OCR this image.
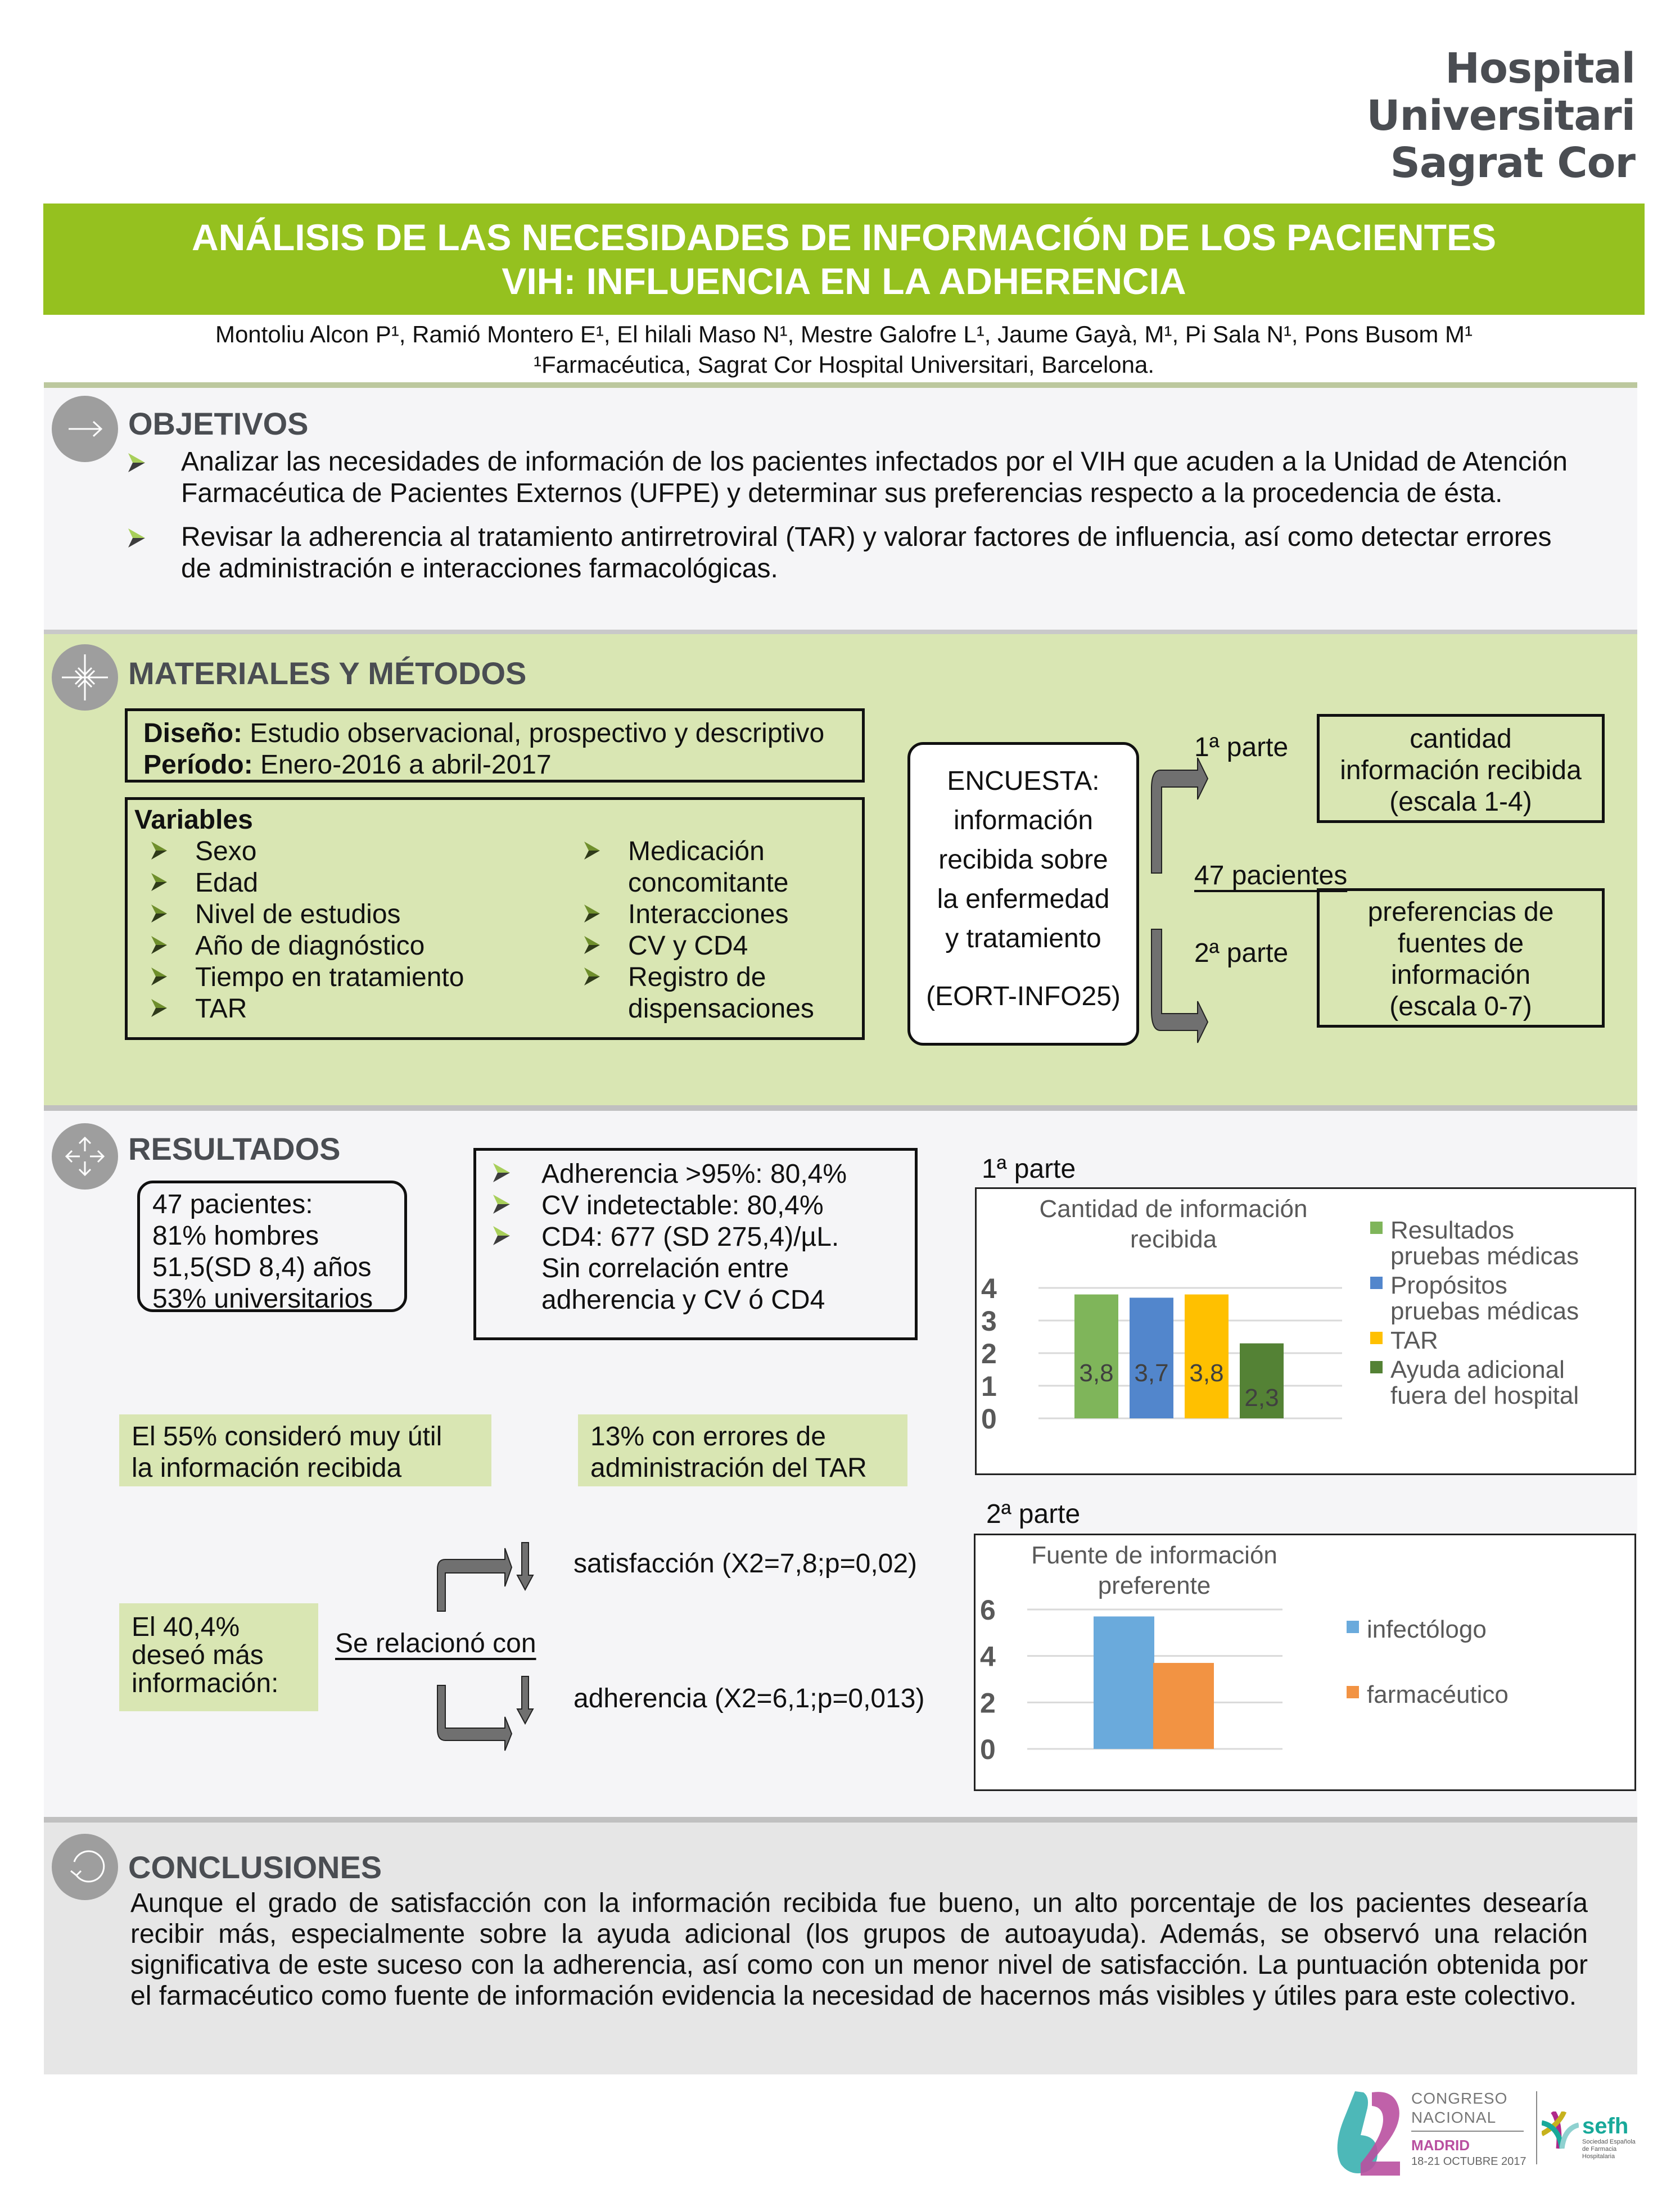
Hospital
Universitari
Sagrat Cor
ANÁLISIS DE LAS NECESIDADES DE INFORMACIÓN DE LOS PACIENTES
VIH: INFLUENCIA EN LA ADHERENCIA
Montoliu Alcon P¹, Ramió Montero E¹, El hilali Maso N¹, Mestre Galofre L¹, Jaume Gayà, M¹, Pi Sala N¹, Pons Busom M¹
¹Farmacéutica, Sagrat Cor Hospital Universitari, Barcelona.
OBJETIVOS
Analizar las necesidades de información de los pacientes infectados por el VIH que acuden a la Unidad de Atención Farmacéutica de Pacientes Externos (UFPE) y determinar sus preferencias respecto a la procedencia de ésta.
Revisar la adherencia al tratamiento antirretroviral (TAR) y valorar factores de influencia, así como detectar errores de administración e interacciones farmacológicas.
MATERIALES Y MÉTODOS
Diseño: Estudio observacional, prospectivo y descriptivo
Período: Enero-2016 a abril-2017
Variables
Sexo
Edad
Nivel de estudios
Año de diagnóstico
Tiempo en tratamiento
TAR
Medicación concomitante
Interacciones
CV y CD4
Registro de dispensaciones
ENCUESTA:
información
recibida sobre
la enfermedad
y tratamiento
(EORT-INFO25)
1ª parte
47 pacientes
2ª parte
cantidad
información recibida
(escala 1-4)
preferencias de
fuentes de
información
(escala 0-7)
RESULTADOS
47 pacientes:
81% hombres
51,5(SD 8,4) años
53% universitarios
Adherencia >95%: 80,4%
CV indetectable: 80,4%
CD4: 677 (SD 275,4)/µL.
Sin correlación entre
adherencia y CV ó CD4
El 55% consideró muy útil
la información recibida
13% con errores de
administración del TAR
El 40,4%
deseó más
información:
Se relacionó con
satisfacción (X2=7,8;p=0,02)
adherencia (X2=6,1;p=0,013)
1ª parte
Cantidad de información
recibida
0
1
2
3
4
3,8 3,7 3,8
2,3
Resultados
pruebas médicas
Propósitos
pruebas médicas
TAR
Ayuda adicional
fuera del hospital
2ª parte
Fuente de información
preferente
0
2
4
6
infectólogo
farmacéutico
CONCLUSIONES
Aunque el grado de satisfacción con la información recibida fue bueno, un alto porcentaje de los pacientes desearía recibir más, especialmente sobre la ayuda adicional (los grupos de autoayuda). Además, se observó una relación significativa de este suceso con la adherencia, así como con un menor nivel de satisfacción. La puntuación obtenida por el farmacéutico como fuente de información evidencia la necesidad de hacernos más visibles y útiles para este colectivo.
CONGRESO
NACIONAL
MADRID
18-21 OCTUBRE 2017
sefh
Sociedad Española
de Farmacia Hospitalaria
